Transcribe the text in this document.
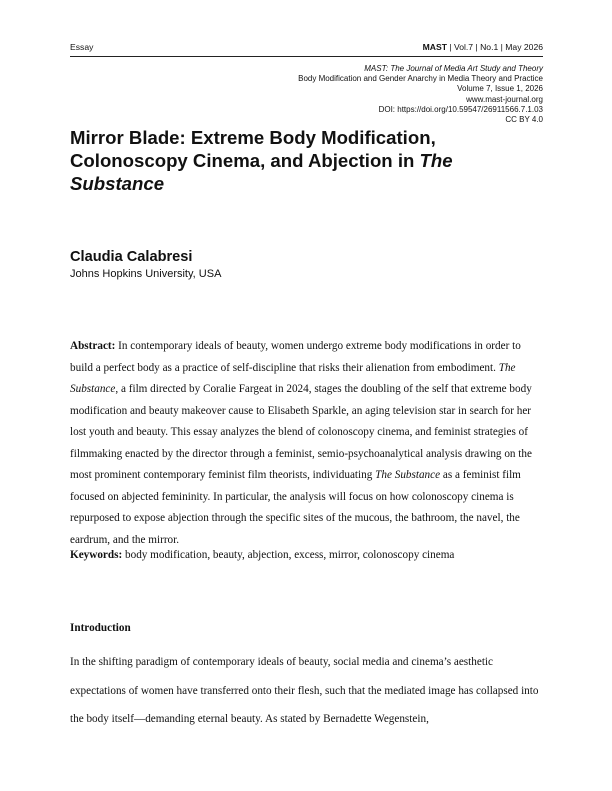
Essay	MAST | Vol.7 | No.1 | May 2026
MAST: The Journal of Media Art Study and Theory
Body Modification and Gender Anarchy in Media Theory and Practice
Volume 7, Issue 1, 2026
www.mast-journal.org
DOI: https://doi.org/10.59547/26911566.7.1.03
CC BY 4.0
Mirror Blade: Extreme Body Modification, Colonoscopy Cinema, and Abjection in The Substance
Claudia Calabresi

Johns Hopkins University, USA

Abstract: In contemporary ideals of beauty, women undergo extreme body modifications in order to build a perfect body as a practice of self-discipline that risks their alienation from embodiment. The Substance, a film directed by Coralie Fargeat in 2024, stages the doubling of the self that extreme body modification and beauty makeover cause to Elisabeth Sparkle, an aging television star in search for her lost youth and beauty. This essay analyzes the blend of colonoscopy cinema, and feminist strategies of filmmaking enacted by the director through a feminist, semio-psychoanalytical analysis drawing on the most prominent contemporary feminist film theorists, individuating The Substance as a feminist film focused on abjected femininity. In particular, the analysis will focus on how colonoscopy cinema is repurposed to expose abjection through the specific sites of the mucous, the bathroom, the navel, the eardrum, and the mirror.

Keywords: body modification, beauty, abjection, excess, mirror, colonoscopy cinema

Introduction

In the shifting paradigm of contemporary ideals of beauty, social media and cinema’s aesthetic expectations of women have transferred onto their flesh, such that the mediated image has collapsed into the body itself—demanding eternal beauty. As stated by Bernadette Wegenstein,
